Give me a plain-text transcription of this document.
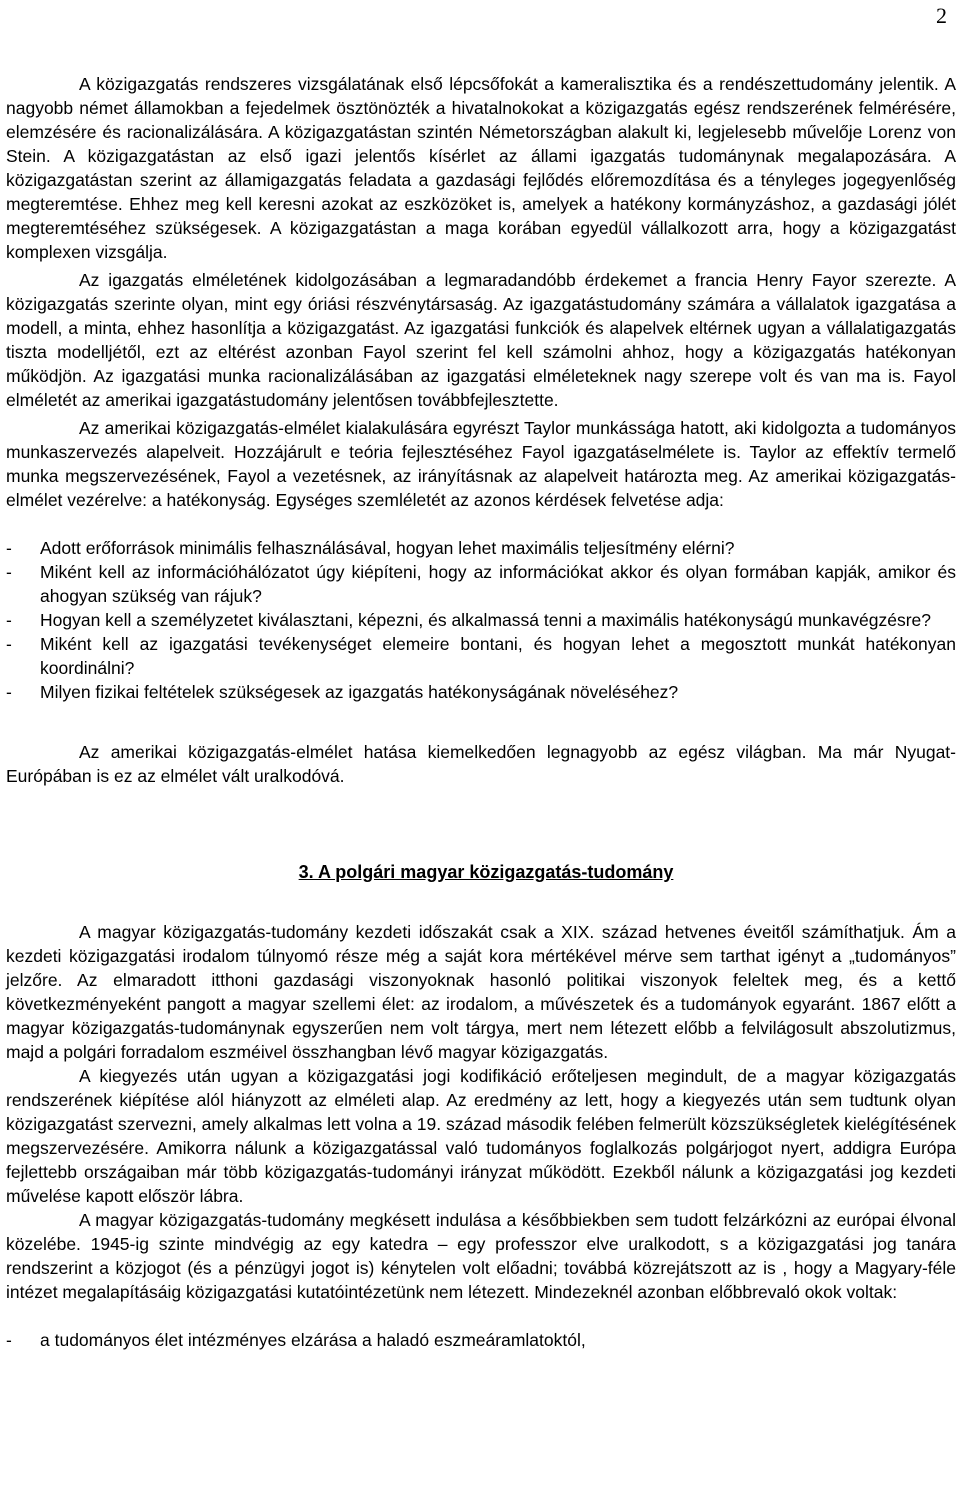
2

A közigazgatás rendszeres vizsgálatának első lépcsőfokát a kameralisztika és a rendészettudomány jelentik. A nagyobb német államokban a fejedelmek ösztönözték a hivatalnokokat a közigazgatás egész rendszerének felmérésére, elemzésére és racionalizálására. A közigazgatástan szintén Németországban alakult ki, legjelesebb művelője Lorenz von Stein. A közigazgatástan az első igazi jelentős kísérlet az állami igazgatás tudománynak megalapozására. A közigazgatástan szerint az államigazgatás feladata a gazdasági fejlődés előremozdítása és a tényleges jogegyenlőség megteremtése. Ehhez meg kell keresni azokat az eszközöket is, amelyek a hatékony kormányzáshoz, a gazdasági jólét megteremtéséhez szükségesek. A közigazgatástan a maga korában egyedül vállalkozott arra, hogy a közigazgatást komplexen vizsgálja.

Az igazgatás elméletének kidolgozásában a legmaradandóbb érdekemet a francia Henry Fayor szerezte. A közigazgatás szerinte olyan, mint egy óriási részvénytársaság. Az igazgatástudomány számára a vállalatok igazgatása a modell, a minta, ehhez hasonlítja a közigazgatást. Az igazgatási funkciók és alapelvek eltérnek ugyan a vállalatigazgatás tiszta modelljétől, ezt az eltérést azonban Fayol szerint fel kell számolni ahhoz, hogy a közigazgatás hatékonyan működjön. Az igazgatási munka racionalizálásában az igazgatási elméleteknek nagy szerepe volt és van ma is. Fayol elméletét az amerikai igazgatástudomány jelentősen továbbfejlesztette.

Az amerikai közigazgatás-elmélet kialakulására egyrészt Taylor munkássága hatott, aki kidolgozta a tudományos munkaszervezés alapelveit. Hozzájárult e teória fejlesztéséhez Fayol igazgatáselmélete is. Taylor az effektív termelő munka megszervezésének, Fayol a vezetésnek, az irányításnak az alapelveit határozta meg. Az amerikai közigazgatás-elmélet vezérelve: a hatékonyság. Egységes szemléletét az azonos kérdések felvetése adja:

- Adott erőforrások minimális felhasználásával, hogyan lehet maximális teljesítmény elérni?
- Miként kell az információhálózatot úgy kiépíteni, hogy az információkat akkor és olyan formában kapják, amikor és ahogyan szükség van rájuk?
- Hogyan kell a személyzetet kiválasztani, képezni, és alkalmassá tenni a maximális hatékonyságú munkavégzésre?
- Miként kell az igazgatási tevékenységet elemeire bontani, és hogyan lehet a megosztott munkát hatékonyan koordinálni?
- Milyen fizikai feltételek szükségesek az igazgatás hatékonyságának növeléséhez?

Az amerikai közigazgatás-elmélet hatása kiemelkedően legnagyobb az egész világban. Ma már Nyugat-Európában is ez az elmélet vált uralkodóvá.

3. A polgári magyar közigazgatás-tudomány

A magyar közigazgatás-tudomány kezdeti időszakát csak a XIX. század hetvenes éveitől számíthatjuk. Ám a kezdeti közigazgatási irodalom túlnyomó része még a saját kora mértékével mérve sem tarthat igényt a „tudományos” jelzőre. Az elmaradott itthoni gazdasági viszonyoknak hasonló politikai viszonyok feleltek meg, és a kettő következményeként pangott a magyar szellemi élet: az irodalom, a művészetek és a tudományok egyaránt. 1867 előtt a magyar közigazgatás-tudománynak egyszerűen nem volt tárgya, mert nem létezett előbb a felvilágosult abszolutizmus, majd a polgári forradalom eszméivel összhangban lévő magyar közigazgatás.

A kiegyezés után ugyan a közigazgatási jogi kodifikáció erőteljesen megindult, de a magyar közigazgatás rendszerének kiépítése alól hiányzott az elméleti alap. Az eredmény az lett, hogy a kiegyezés után sem tudtunk olyan közigazgatást szervezni, amely alkalmas lett volna a 19. század második felében felmerült közszükségletek kielégítésének megszervezésére. Amikorra nálunk a közigazgatással való tudományos foglalkozás polgárjogot nyert, addigra Európa fejlettebb országaiban már több közigazgatás-tudományi irányzat működött. Ezekből nálunk a közigazgatási jog kezdeti művelése kapott először lábra.

A magyar közigazgatás-tudomány megkésett indulása a későbbiekben sem tudott felzárkózni az európai élvonal közelébe. 1945-ig szinte mindvégig az egy katedra – egy professzor elve uralkodott, s a közigazgatási jog tanára rendszerint a közjogot (és a pénzügyi jogot is) kénytelen volt előadni; továbbá közrejátszott az is , hogy a Magyary-féle intézet megalapításáig közigazgatási kutatóintézetünk nem létezett. Mindezeknél azonban előbbrevaló okok voltak:

- a tudományos élet intézményes elzárása a haladó eszmeáramlatoktól,
